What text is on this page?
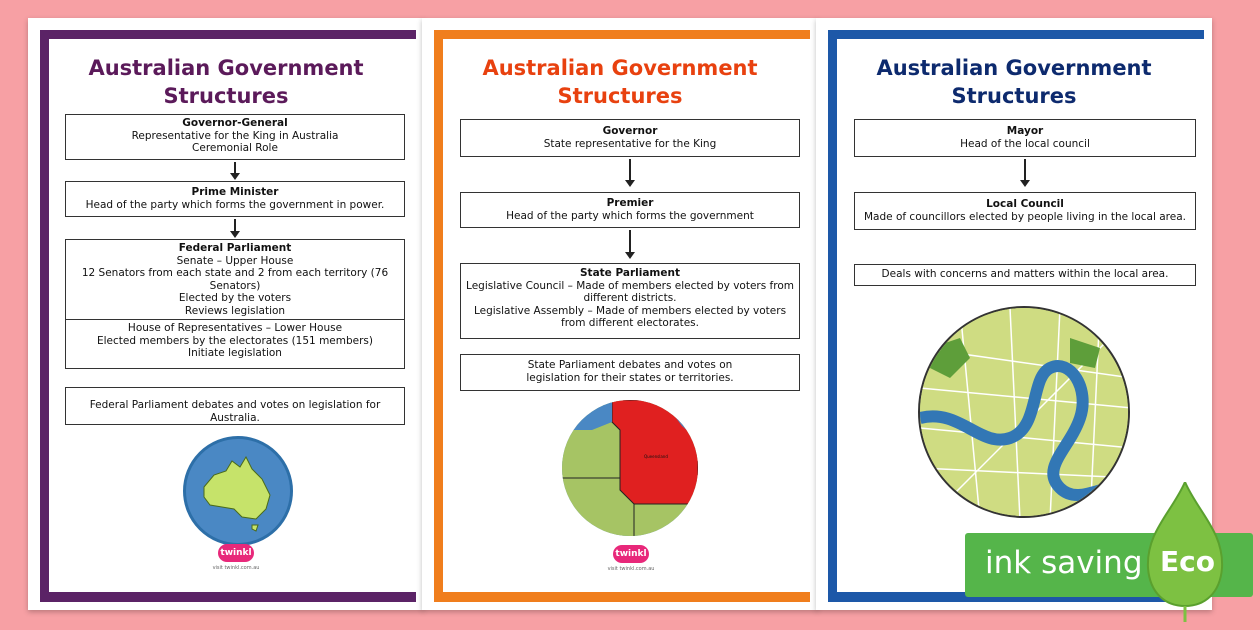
Australian Government
Structures
Governor-General
Representative for the King in Australia
Ceremonial Role
Prime Minister
Head of the party which forms the government in power.
Federal Parliament
Senate – Upper House
12 Senators from each state and 2 from each territory (76 Senators)
Elected by the voters
Reviews legislation
House of Representatives – Lower House
Elected members by the electorates (151 members)
Initiate legislation
Federal Parliament debates and votes on legislation for Australia.
twinkl
visit twinkl.com.au
Australian Government
Structures
Governor
State representative for the King
Premier
Head of the party which forms the government
State Parliament
Legislative Council – Made of members elected by voters from different districts.
Legislative Assembly – Made of members elected by voters from different electorates.
State Parliament debates and votes on
legislation for their states or territories.
Queensland
twinkl
visit twinkl.com.au
Australian Government
Structures
Mayor
Head of the local council
Local Council
Made of councillors elected by people living in the local area.
Deals with concerns and matters within the local area.
ink saving Eco
